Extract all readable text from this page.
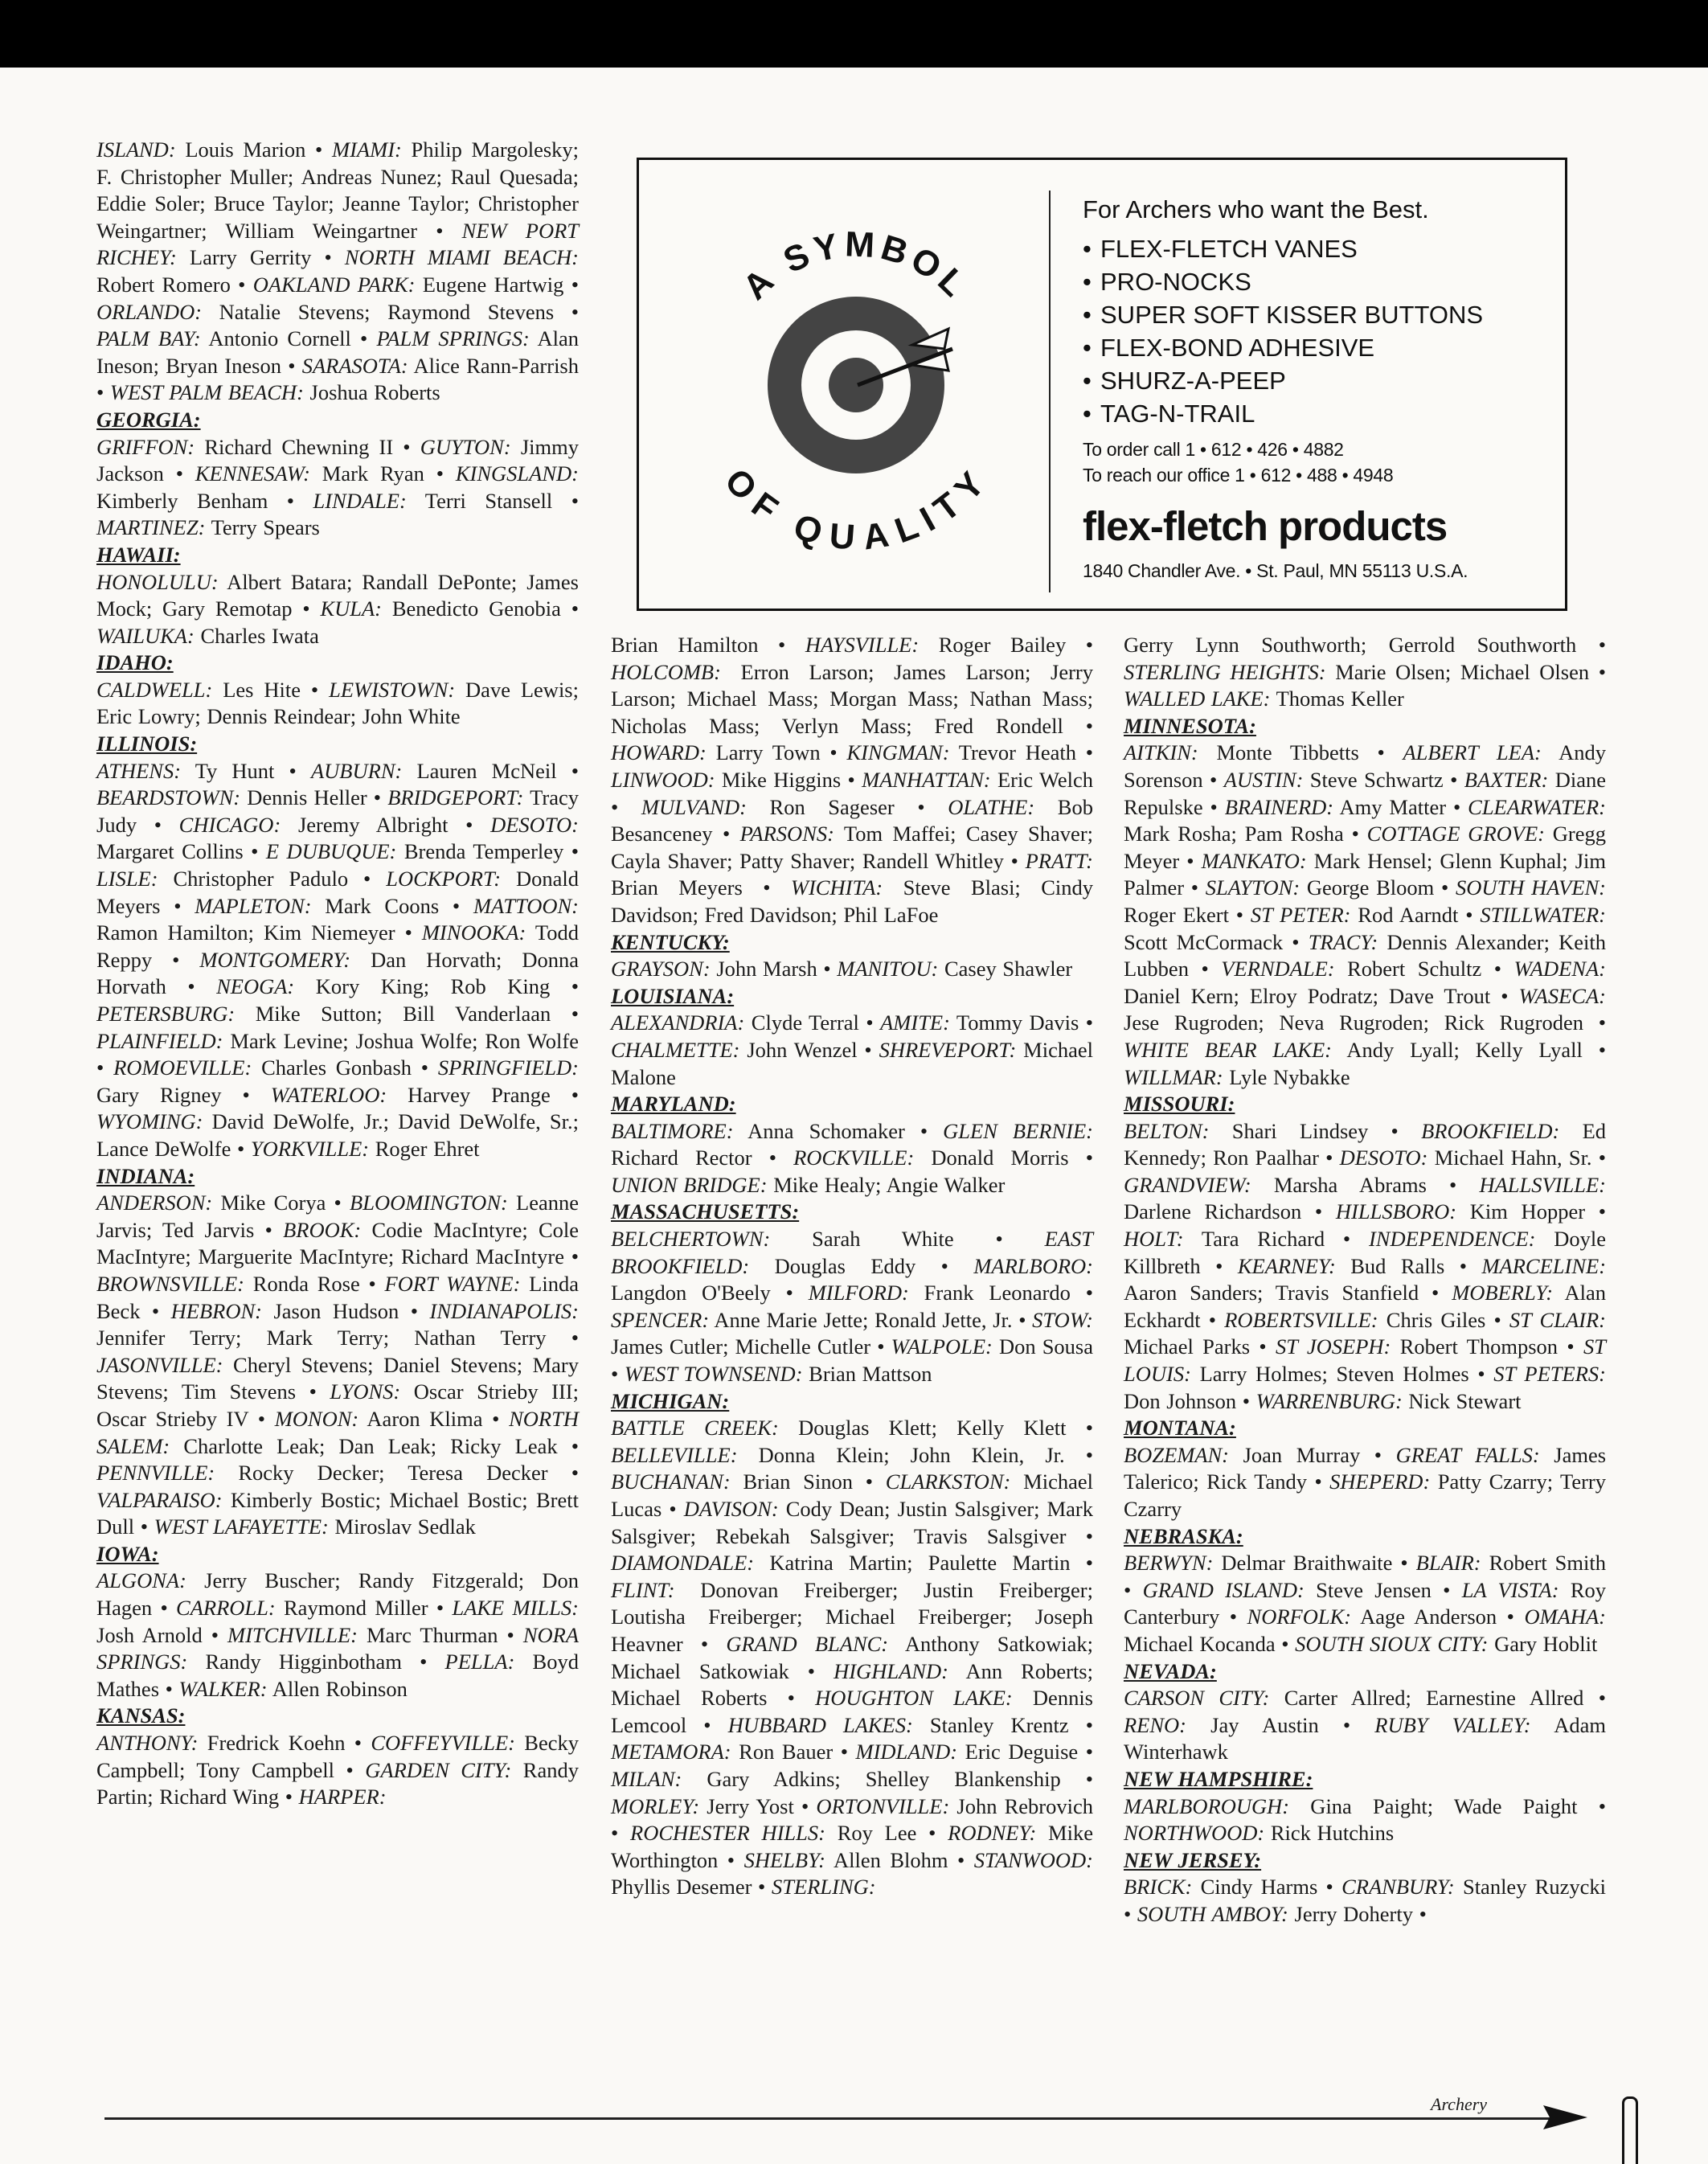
ISLAND: Louis Marion • MIAMI: Philip Margolesky; F. Christopher Muller; Andreas Nunez; Raul Quesada; Eddie Soler; Bruce Taylor; Jeanne Taylor; Christopher Weingartner; William Weingartner • NEW PORT RICHEY: Larry Gerrity • NORTH MIAMI BEACH: Robert Romero • OAKLAND PARK: Eugene Hartwig • ORLANDO: Natalie Stevens; Raymond Stevens • PALM BAY: Antonio Cornell • PALM SPRINGS: Alan Ineson; Bryan Ineson • SARASOTA: Alice Rann-Parrish • WEST PALM BEACH: Joshua Roberts

GEORGIA:

GRIFFON: Richard Chewning II • GUYTON: Jimmy Jackson • KENNESAW: Mark Ryan • KINGSLAND: Kimberly Benham • LINDALE: Terri Stansell • MARTINEZ: Terry Spears

HAWAII:

HONOLULU: Albert Batara; Randall DePonte; James Mock; Gary Remotap • KULA: Benedicto Genobia • WAILUKA: Charles Iwata

IDAHO:

CALDWELL: Les Hite • LEWISTOWN: Dave Lewis; Eric Lowry; Dennis Reindear; John White

ILLINOIS:

ATHENS: Ty Hunt • AUBURN: Lauren McNeil • BEARDSTOWN: Dennis Heller • BRIDGEPORT: Tracy Judy • CHICAGO: Jeremy Albright • DESOTO: Margaret Collins • E DUBUQUE: Brenda Temperley • LISLE: Christopher Padulo • LOCKPORT: Donald Meyers • MAPLETON: Mark Coons • MATTOON: Ramon Hamilton; Kim Niemeyer • MINOOKA: Todd Reppy • MONTGOMERY: Dan Horvath; Donna Horvath • NEOGA: Kory King; Rob King • PETERSBURG: Mike Sutton; Bill Vanderlaan • PLAINFIELD: Mark Levine; Joshua Wolfe; Ron Wolfe • ROMOEVILLE: Charles Gonbash • SPRINGFIELD: Gary Rigney • WATERLOO: Harvey Prange • WYOMING: David DeWolfe, Jr.; David DeWolfe, Sr.; Lance DeWolfe • YORKVILLE: Roger Ehret

INDIANA:

ANDERSON: Mike Corya • BLOOMINGTON: Leanne Jarvis; Ted Jarvis • BROOK: Codie MacIntyre; Cole MacIntyre; Marguerite MacIntyre; Richard MacIntyre • BROWNSVILLE: Ronda Rose • FORT WAYNE: Linda Beck • HEBRON: Jason Hudson • INDIANAPOLIS: Jennifer Terry; Mark Terry; Nathan Terry • JASONVILLE: Cheryl Stevens; Daniel Stevens; Mary Stevens; Tim Stevens • LYONS: Oscar Strieby III; Oscar Strieby IV • MONON: Aaron Klima • NORTH SALEM: Charlotte Leak; Dan Leak; Ricky Leak • PENNVILLE: Rocky Decker; Teresa Decker • VALPARAISO: Kimberly Bostic; Michael Bostic; Brett Dull • WEST LAFAYETTE: Miroslav Sedlak

IOWA:

ALGONA: Jerry Buscher; Randy Fitzgerald; Don Hagen • CARROLL: Raymond Miller • LAKE MILLS: Josh Arnold • MITCHVILLE: Marc Thurman • NORA SPRINGS: Randy Higginbotham • PELLA: Boyd Mathes • WALKER: Allen Robinson

KANSAS:

ANTHONY: Fredrick Koehn • COFFEYVILLE: Becky Campbell; Tony Campbell • GARDEN CITY: Randy Partin; Richard Wing • HARPER:

A SYMBOL
OF QUALITY
For Archers who want the Best.
• FLEX-FLETCH VANES
• PRO-NOCKS
• SUPER SOFT KISSER BUTTONS
• FLEX-BOND ADHESIVE
• SHURZ-A-PEEP
• TAG-N-TRAIL
To order call 1 • 612 • 426 • 4882
To reach our office 1 • 612 • 488 • 4948
flex-fletch products
1840 Chandler Ave. • St. Paul, MN 55113 U.S.A.

Brian Hamilton • HAYSVILLE: Roger Bailey • HOLCOMB: Erron Larson; James Larson; Jerry Larson; Michael Mass; Morgan Mass; Nathan Mass; Nicholas Mass; Verlyn Mass; Fred Rondell • HOWARD: Larry Town • KINGMAN: Trevor Heath • LINWOOD: Mike Higgins • MANHATTAN: Eric Welch • MULVAND: Ron Sageser • OLATHE: Bob Besanceney • PARSONS: Tom Maffei; Casey Shaver; Cayla Shaver; Patty Shaver; Randell Whitley • PRATT: Brian Meyers • WICHITA: Steve Blasi; Cindy Davidson; Fred Davidson; Phil LaFoe

KENTUCKY:

GRAYSON: John Marsh • MANITOU: Casey Shawler

LOUISIANA:

ALEXANDRIA: Clyde Terral • AMITE: Tommy Davis • CHALMETTE: John Wenzel • SHREVEPORT: Michael Malone

MARYLAND:

BALTIMORE: Anna Schomaker • GLEN BERNIE: Richard Rector • ROCKVILLE: Donald Morris • UNION BRIDGE: Mike Healy; Angie Walker

MASSACHUSETTS:

BELCHERTOWN: Sarah White • EAST BROOKFIELD: Douglas Eddy • MARLBORO: Langdon O'Beely • MILFORD: Frank Leonardo • SPENCER: Anne Marie Jette; Ronald Jette, Jr. • STOW: James Cutler; Michelle Cutler • WALPOLE: Don Sousa • WEST TOWNSEND: Brian Mattson

MICHIGAN:

BATTLE CREEK: Douglas Klett; Kelly Klett • BELLEVILLE: Donna Klein; John Klein, Jr. • BUCHANAN: Brian Sinon • CLARKSTON: Michael Lucas • DAVISON: Cody Dean; Justin Salsgiver; Mark Salsgiver; Rebekah Salsgiver; Travis Salsgiver • DIAMONDALE: Katrina Martin; Paulette Martin • FLINT: Donovan Freiberger; Justin Freiberger; Loutisha Freiberger; Michael Freiberger; Joseph Heavner • GRAND BLANC: Anthony Satkowiak; Michael Satkowiak • HIGHLAND: Ann Roberts; Michael Roberts • HOUGHTON LAKE: Dennis Lemcool • HUBBARD LAKES: Stanley Krentz • METAMORA: Ron Bauer • MIDLAND: Eric Deguise • MILAN: Gary Adkins; Shelley Blankenship • MORLEY: Jerry Yost • ORTONVILLE: John Rebrovich • ROCHESTER HILLS: Roy Lee • RODNEY: Mike Worthington • SHELBY: Allen Blohm • STANWOOD: Phyllis Desemer • STERLING:

Gerry Lynn Southworth; Gerrold Southworth • STERLING HEIGHTS: Marie Olsen; Michael Olsen • WALLED LAKE: Thomas Keller

MINNESOTA:

AITKIN: Monte Tibbetts • ALBERT LEA: Andy Sorenson • AUSTIN: Steve Schwartz • BAXTER: Diane Repulske • BRAINERD: Amy Matter • CLEARWATER: Mark Rosha; Pam Rosha • COTTAGE GROVE: Gregg Meyer • MANKATO: Mark Hensel; Glenn Kuphal; Jim Palmer • SLAYTON: George Bloom • SOUTH HAVEN: Roger Ekert • ST PETER: Rod Aarndt • STILLWATER: Scott McCormack • TRACY: Dennis Alexander; Keith Lubben • VERNDALE: Robert Schultz • WADENA: Daniel Kern; Elroy Podratz; Dave Trout • WASECA: Jese Rugroden; Neva Rugroden; Rick Rugroden • WHITE BEAR LAKE: Andy Lyall; Kelly Lyall • WILLMAR: Lyle Nybakke

MISSOURI:

BELTON: Shari Lindsey • BROOKFIELD: Ed Kennedy; Ron Paalhar • DESOTO: Michael Hahn, Sr. • GRANDVIEW: Marsha Abrams • HALLSVILLE: Darlene Richardson • HILLSBORO: Kim Hopper • HOLT: Tara Richard • INDEPENDENCE: Doyle Killbreth • KEARNEY: Bud Ralls • MARCELINE: Aaron Sanders; Travis Stanfield • MOBERLY: Alan Eckhardt • ROBERTSVILLE: Chris Giles • ST CLAIR: Michael Parks • ST JOSEPH: Robert Thompson • ST LOUIS: Larry Holmes; Steven Holmes • ST PETERS: Don Johnson • WARRENBURG: Nick Stewart

MONTANA:

BOZEMAN: Joan Murray • GREAT FALLS: James Talerico; Rick Tandy • SHEPERD: Patty Czarry; Terry Czarry

NEBRASKA:

BERWYN: Delmar Braithwaite • BLAIR: Robert Smith • GRAND ISLAND: Steve Jensen • LA VISTA: Roy Canterbury • NORFOLK: Aage Anderson • OMAHA: Michael Kocanda • SOUTH SIOUX CITY: Gary Hoblit

NEVADA:

CARSON CITY: Carter Allred; Earnestine Allred • RENO: Jay Austin • RUBY VALLEY: Adam Winterhawk

NEW HAMPSHIRE:

MARLBOROUGH: Gina Paight; Wade Paight • NORTHWOOD: Rick Hutchins

NEW JERSEY:

BRICK: Cindy Harms • CRANBURY: Stanley Ruzycki • SOUTH AMBOY: Jerry Doherty •

Archery
